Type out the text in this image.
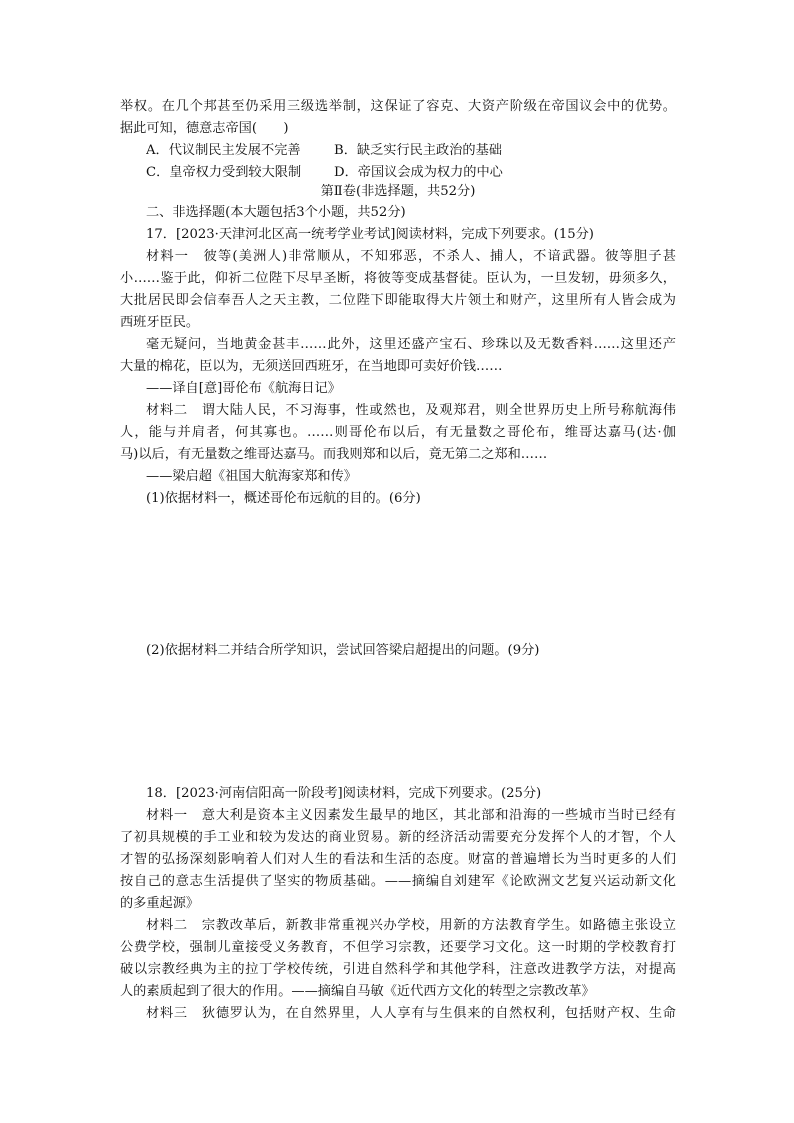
举权。在几个邦甚至仍采用三级选举制，这保证了容克、大资产阶级在帝国议会中的优势。
据此可知，德意志帝国(　　)
A．代议制民主发展不完善	B．缺乏实行民主政治的基础
C．皇帝权力受到较大限制	D．帝国议会成为权力的中心
第Ⅱ卷(非选择题，共52分)
二、非选择题(本大题包括3个小题，共52分)
17．[2023·天津河北区高一统考学业考试]阅读材料，完成下列要求。(15分)
材料一　彼等(美洲人)非常顺从，不知邪恶，不杀人、捕人，不谙武器。彼等胆子甚
小……鉴于此，仰祈二位陛下尽早圣断，将彼等变成基督徒。臣认为，一旦发轫，毋须多久，
大批居民即会信奉吾人之天主教，二位陛下即能取得大片领土和财产，这里所有人皆会成为
西班牙臣民。
毫无疑问，当地黄金甚丰……此外，这里还盛产宝石、珍珠以及无数香料……这里还产
大量的棉花，臣以为，无须送回西班牙，在当地即可卖好价钱……
——译自[意]哥伦布《航海日记》
材料二　谓大陆人民，不习海事，性或然也，及观郑君，则全世界历史上所号称航海伟
人，能与并肩者，何其寡也。……则哥伦布以后，有无量数之哥伦布，维哥达嘉马(达·伽
马)以后，有无量数之维哥达嘉马。而我则郑和以后，竟无第二之郑和……
——梁启超《祖国大航海家郑和传》
(1)依据材料一，概述哥伦布远航的目的。(6分)
(2)依据材料二并结合所学知识，尝试回答梁启超提出的问题。(9分)
18．[2023·河南信阳高一阶段考]阅读材料，完成下列要求。(25分)
材料一　意大利是资本主义因素发生最早的地区，其北部和沿海的一些城市当时已经有
了初具规模的手工业和较为发达的商业贸易。新的经济活动需要充分发挥个人的才智，个人
才智的弘扬深刻影响着人们对人生的看法和生活的态度。财富的普遍增长为当时更多的人们
按自己的意志生活提供了坚实的物质基础。——摘编自刘建军《论欧洲文艺复兴运动新文化
的多重起源》
材料二　宗教改革后，新教非常重视兴办学校，用新的方法教育学生。如路德主张设立
公费学校，强制儿童接受义务教育，不但学习宗教，还要学习文化。这一时期的学校教育打
破以宗教经典为主的拉丁学校传统，引进自然科学和其他学科，注意改进教学方法，对提高
人的素质起到了很大的作用。——摘编自马敏《近代西方文化的转型之宗教改革》
材料三　狄德罗认为，在自然界里，人人享有与生俱来的自然权利，包括财产权、生命
